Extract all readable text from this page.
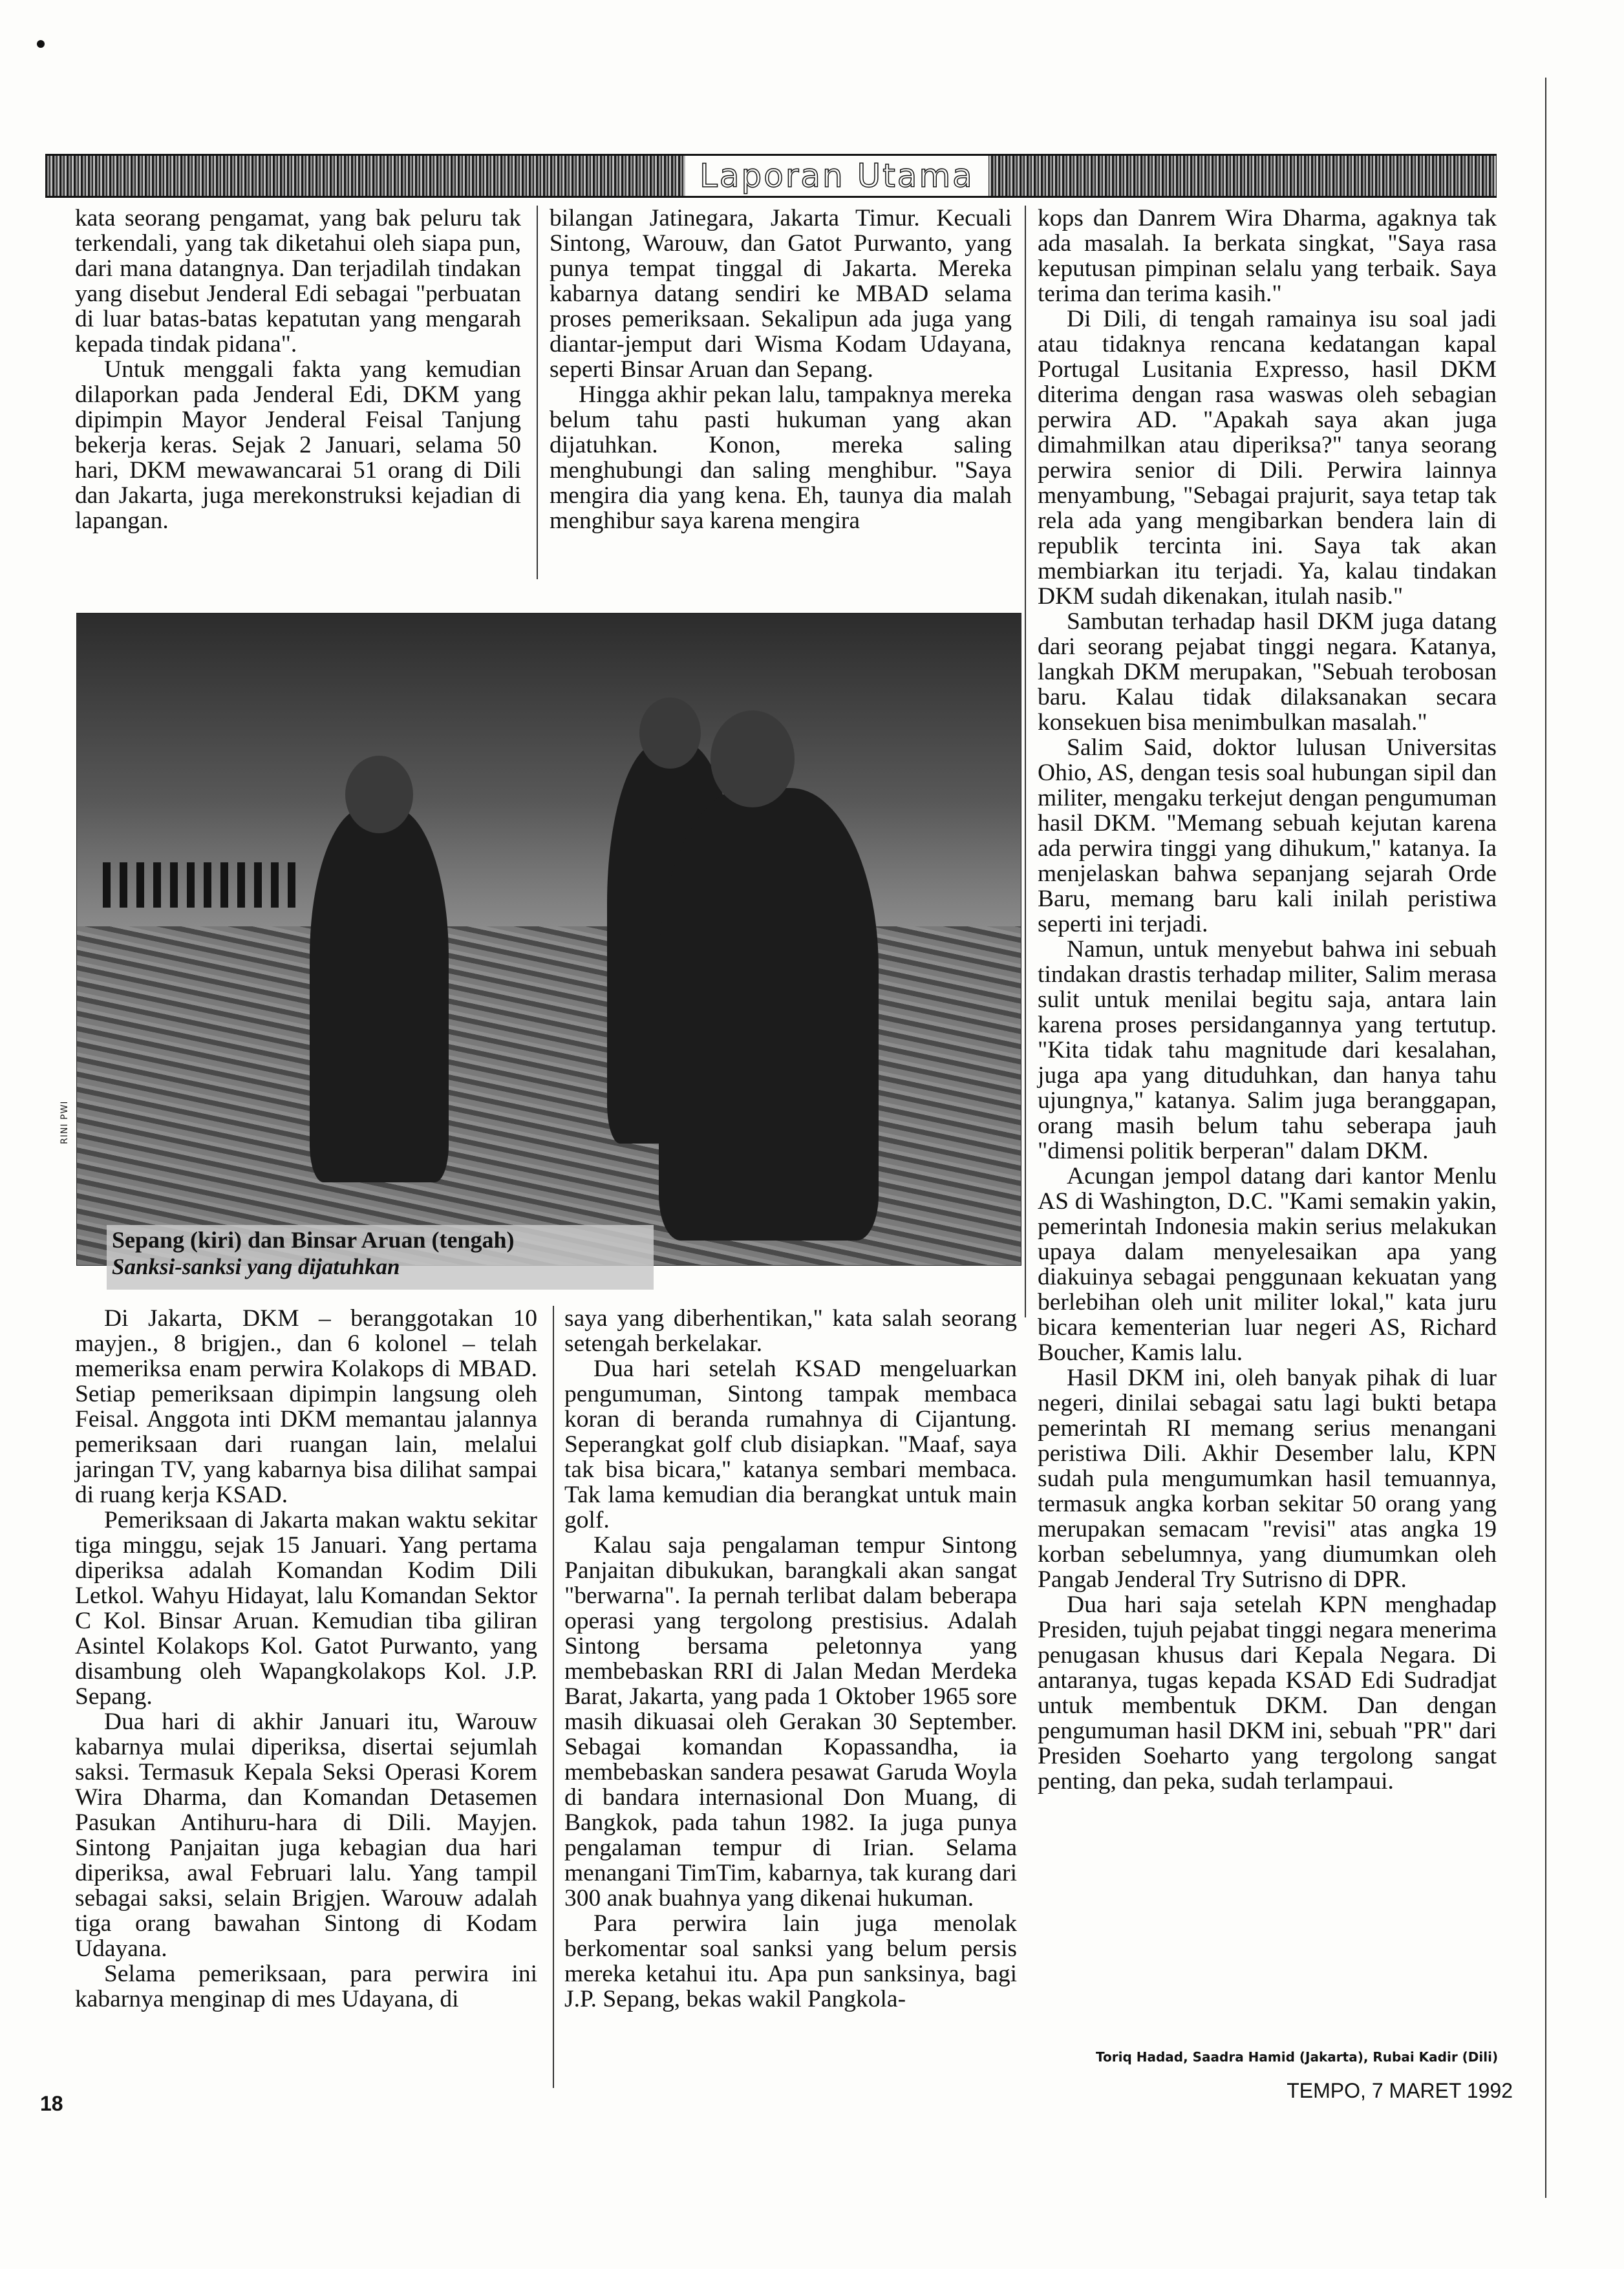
Laporan Utama

kata seorang pengamat, yang bak peluru tak terkendali, yang tak diketahui oleh siapa pun, dari mana datangnya. Dan terjadilah tindakan yang disebut Jenderal Edi sebagai "perbuatan di luar batas-batas kepatutan yang mengarah kepada tindak pidana".

Untuk menggali fakta yang kemudian dilaporkan pada Jenderal Edi, DKM yang dipimpin Mayor Jenderal Feisal Tanjung bekerja keras. Sejak 2 Januari, selama 50 hari, DKM mewawancarai 51 orang di Dili dan Jakarta, juga merekonstruksi kejadian di lapangan.

bilangan Jatinegara, Jakarta Timur. Kecuali Sintong, Warouw, dan Gatot Purwanto, yang punya tempat tinggal di Jakarta. Mereka kabarnya datang sendiri ke MBAD selama proses pemeriksaan. Sekalipun ada juga yang diantar-jemput dari Wisma Kodam Udayana, seperti Binsar Aruan dan Sepang.

Hingga akhir pekan lalu, tampaknya mereka belum tahu pasti hukuman yang akan dijatuhkan. Konon, mereka saling menghubungi dan saling menghibur. "Saya mengira dia yang kena. Eh, taunya dia malah menghibur saya karena mengira

kops dan Danrem Wira Dharma, agaknya tak ada masalah. Ia berkata singkat, "Saya rasa keputusan pimpinan selalu yang terbaik. Saya terima dan terima kasih."

Di Dili, di tengah ramainya isu soal jadi atau tidaknya rencana kedatangan kapal Portugal Lusitania Expresso, hasil DKM diterima dengan rasa waswas oleh sebagian perwira AD. "Apakah saya akan juga dimahmilkan atau diperiksa?" tanya seorang perwira senior di Dili. Perwira lainnya menyambung, "Sebagai prajurit, saya tetap tak rela ada yang mengibarkan bendera lain di republik tercinta ini. Saya tak akan membiarkan itu terjadi. Ya, kalau tindakan DKM sudah dikenakan, itulah nasib."

Sambutan terhadap hasil DKM juga datang dari seorang pejabat tinggi negara. Katanya, langkah DKM merupakan, "Sebuah terobosan baru. Kalau tidak dilaksanakan secara konsekuen bisa menimbulkan masalah."

Salim Said, doktor lulusan Universitas Ohio, AS, dengan tesis soal hubungan sipil dan militer, mengaku terkejut dengan pengumuman hasil DKM. "Memang sebuah kejutan karena ada perwira tinggi yang dihukum," katanya. Ia menjelaskan bahwa sepanjang sejarah Orde Baru, memang baru kali inilah peristiwa seperti ini terjadi.

Namun, untuk menyebut bahwa ini sebuah tindakan drastis terhadap militer, Salim merasa sulit untuk menilai begitu saja, antara lain karena proses persidangannya yang tertutup. "Kita tidak tahu magnitude dari kesalahan, juga apa yang dituduhkan, dan hanya tahu ujungnya," katanya. Salim juga beranggapan, orang masih belum tahu seberapa jauh "dimensi politik berperan" dalam DKM.

Acungan jempol datang dari kantor Menlu AS di Washington, D.C. "Kami semakin yakin, pemerintah Indonesia makin serius melakukan upaya dalam menyelesaikan apa yang diakuinya sebagai penggunaan kekuatan yang berlebihan oleh unit militer lokal," kata juru bicara kementerian luar negeri AS, Richard Boucher, Kamis lalu.

Hasil DKM ini, oleh banyak pihak di luar negeri, dinilai sebagai satu lagi bukti betapa pemerintah RI memang serius menangani peristiwa Dili. Akhir Desember lalu, KPN sudah pula mengumumkan hasil temuannya, termasuk angka korban sekitar 50 orang yang merupakan semacam "revisi" atas angka 19 korban sebelumnya, yang diumumkan oleh Pangab Jenderal Try Sutrisno di DPR.

Dua hari saja setelah KPN menghadap Presiden, tujuh pejabat tinggi negara menerima penugasan khusus dari Kepala Negara. Di antaranya, tugas kepada KSAD Edi Sudradjat untuk membentuk DKM. Dan dengan pengumuman hasil DKM ini, sebuah "PR" dari Presiden Soeharto yang tergolong sangat penting, dan peka, sudah terlampaui.

RINI PWI
Sepang (kiri) dan Binsar Aruan (tengah)
Sanksi-sanksi yang dijatuhkan

Di Jakarta, DKM – beranggotakan 10 mayjen., 8 brigjen., dan 6 kolonel – telah memeriksa enam perwira Kolakops di MBAD. Setiap pemeriksaan dipimpin langsung oleh Feisal. Anggota inti DKM memantau jalannya pemeriksaan dari ruangan lain, melalui jaringan TV, yang kabarnya bisa dilihat sampai di ruang kerja KSAD.

Pemeriksaan di Jakarta makan waktu sekitar tiga minggu, sejak 15 Januari. Yang pertama diperiksa adalah Komandan Kodim Dili Letkol. Wahyu Hidayat, lalu Komandan Sektor C Kol. Binsar Aruan. Kemudian tiba giliran Asintel Kolakops Kol. Gatot Purwanto, yang disambung oleh Wapangkolakops Kol. J.P. Sepang.

Dua hari di akhir Januari itu, Warouw kabarnya mulai diperiksa, disertai sejumlah saksi. Termasuk Kepala Seksi Operasi Korem Wira Dharma, dan Komandan Detasemen Pasukan Antihuru-hara di Dili. Mayjen. Sintong Panjaitan juga kebagian dua hari diperiksa, awal Februari lalu. Yang tampil sebagai saksi, selain Brigjen. Warouw adalah tiga orang bawahan Sintong di Kodam Udayana.

Selama pemeriksaan, para perwira ini kabarnya menginap di mes Udayana, di

saya yang diberhentikan," kata salah seorang setengah berkelakar.

Dua hari setelah KSAD mengeluarkan pengumuman, Sintong tampak membaca koran di beranda rumahnya di Cijantung. Seperangkat golf club disiapkan. "Maaf, saya tak bisa bicara," katanya sembari membaca. Tak lama kemudian dia berangkat untuk main golf.

Kalau saja pengalaman tempur Sintong Panjaitan dibukukan, barangkali akan sangat "berwarna". Ia pernah terlibat dalam beberapa operasi yang tergolong prestisius. Adalah Sintong bersama peletonnya yang membebaskan RRI di Jalan Medan Merdeka Barat, Jakarta, yang pada 1 Oktober 1965 sore masih dikuasai oleh Gerakan 30 September. Sebagai komandan Kopassandha, ia membebaskan sandera pesawat Garuda Woyla di bandara internasional Don Muang, di Bangkok, pada tahun 1982. Ia juga punya pengalaman tempur di Irian. Selama menangani TimTim, kabarnya, tak kurang dari 300 anak buahnya yang dikenai hukuman.

Para perwira lain juga menolak berkomentar soal sanksi yang belum persis mereka ketahui itu. Apa pun sanksinya, bagi J.P. Sepang, bekas wakil Pangkola-

Toriq Hadad, Saadra Hamid (Jakarta), Rubai Kadir (Dili)
18
TEMPO, 7 MARET 1992
